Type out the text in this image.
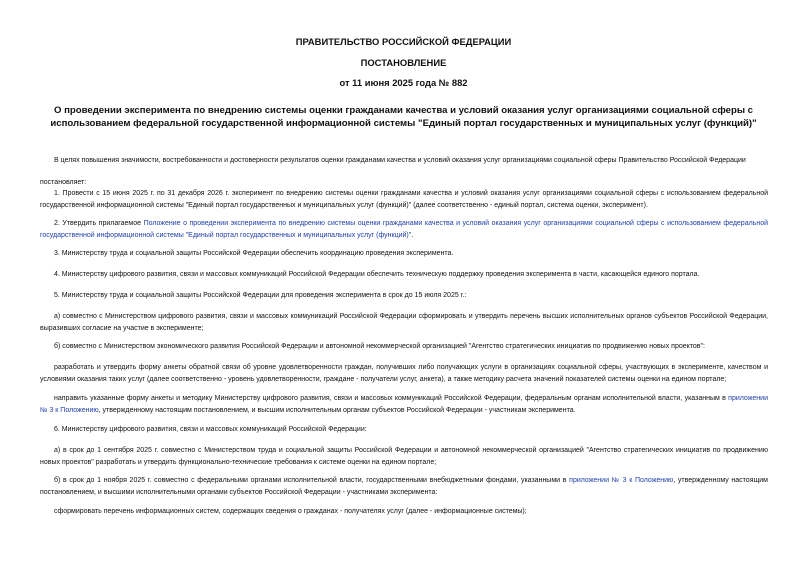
ПРАВИТЕЛЬСТВО РОССИЙСКОЙ ФЕДЕРАЦИИ
ПОСТАНОВЛЕНИЕ
от 11 июня 2025 года № 882
О проведении эксперимента по внедрению системы оценки гражданами качества и условий оказания услуг организациями социальной сферы с использованием федеральной государственной информационной системы "Единый портал государственных и муниципальных услуг (функций)"
В целях повышения значимости, востребованности и достоверности результатов оценки гражданами качества и условий оказания услуг организациями социальной сферы Правительство Российской Федерации
постановляет:
1. Провести с 15 июня 2025 г. по 31 декабря 2026 г. эксперимент по внедрению системы оценки гражданами качества и условий оказания услуг организациями социальной сферы с использованием федеральной государственной информационной системы "Единый портал государственных и муниципальных услуг (функций)" (далее соответственно - единый портал, система оценки, эксперимент).
2. Утвердить прилагаемое Положение о проведении эксперимента по внедрению системы оценки гражданами качества и условий оказания услуг организациями социальной сферы с использованием федеральной государственной информационной системы "Единый портал государственных и муниципальных услуг (функций)".
3. Министерству труда и социальной защиты Российской Федерации обеспечить координацию проведения эксперимента.
4. Министерству цифрового развития, связи и массовых коммуникаций Российской Федерации обеспечить техническую поддержку проведения эксперимента в части, касающейся единого портала.
5. Министерству труда и социальной защиты Российской Федерации для проведения эксперимента в срок до 15 июля 2025 г.:
а) совместно с Министерством цифрового развития, связи и массовых коммуникаций Российской Федерации сформировать и утвердить перечень высших исполнительных органов субъектов Российской Федерации, выразивших согласие на участие в эксперименте;
б) совместно с Министерством экономического развития Российской Федерации и автономной некоммерческой организацией "Агентство стратегических инициатив по продвижению новых проектов":
разработать и утвердить форму анкеты обратной связи об уровне удовлетворенности граждан, получивших либо получающих услуги в организациях социальной сферы, участвующих в эксперименте, качеством и условиями оказания таких услуг (далее соответственно - уровень удовлетворенности, граждане - получатели услуг, анкета), а также методику расчета значений показателей системы оценки на едином портале;
направить указанные форму анкеты и методику Министерству цифрового развития, связи и массовых коммуникаций Российской Федерации, федеральным органам исполнительной власти, указанным в приложении № 3 к Положению, утвержденному настоящим постановлением, и высшим исполнительным органам субъектов Российской Федерации - участникам эксперимента.
6. Министерству цифрового развития, связи и массовых коммуникаций Российской Федерации:
а) в срок до 1 сентября 2025 г. совместно с Министерством труда и социальной защиты Российской Федерации и автономной некоммерческой организацией "Агентство стратегических инициатив по продвижению новых проектов" разработать и утвердить функционально-технические требования к системе оценки на едином портале;
б) в срок до 1 ноября 2025 г. совместно с федеральными органами исполнительной власти, государственными внебюджетными фондами, указанными в приложении № 3 к Положению, утвержденному настоящим постановлением, и высшими исполнительными органами субъектов Российской Федерации - участниками эксперимента:
сформировать перечень информационных систем, содержащих сведения о гражданах - получателях услуг (далее - информационные системы);
